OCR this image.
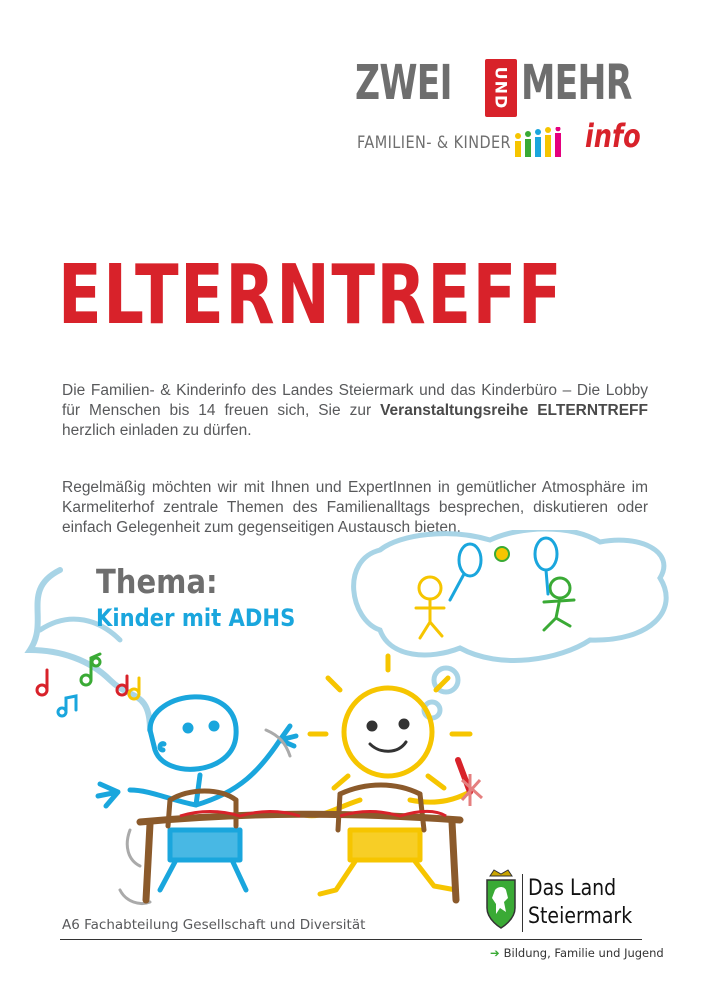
ZWEI UND MEHR
FAMILIEN- & KINDER info
ELTERNTREFF
Die Familien- & Kinderinfo des Landes Steiermark und das Kinderbüro – Die Lobby für Menschen bis 14 freuen sich, Sie zur Veranstaltungsreihe ELTERNTREFF herzlich einladen zu dürfen.
Regelmäßig möchten wir mit Ihnen und ExpertInnen in gemütlicher Atmosphäre im Karmeliterhof zentrale Themen des Familienalltags besprechen, diskutieren oder einfach Gelegenheit zum gegenseitigen Austausch bieten.
Thema:
Kinder mit ADHS
A6 Fachabteilung Gesellschaft und Diversität
Das Land
Steiermark
➔ Bildung, Familie und Jugend
